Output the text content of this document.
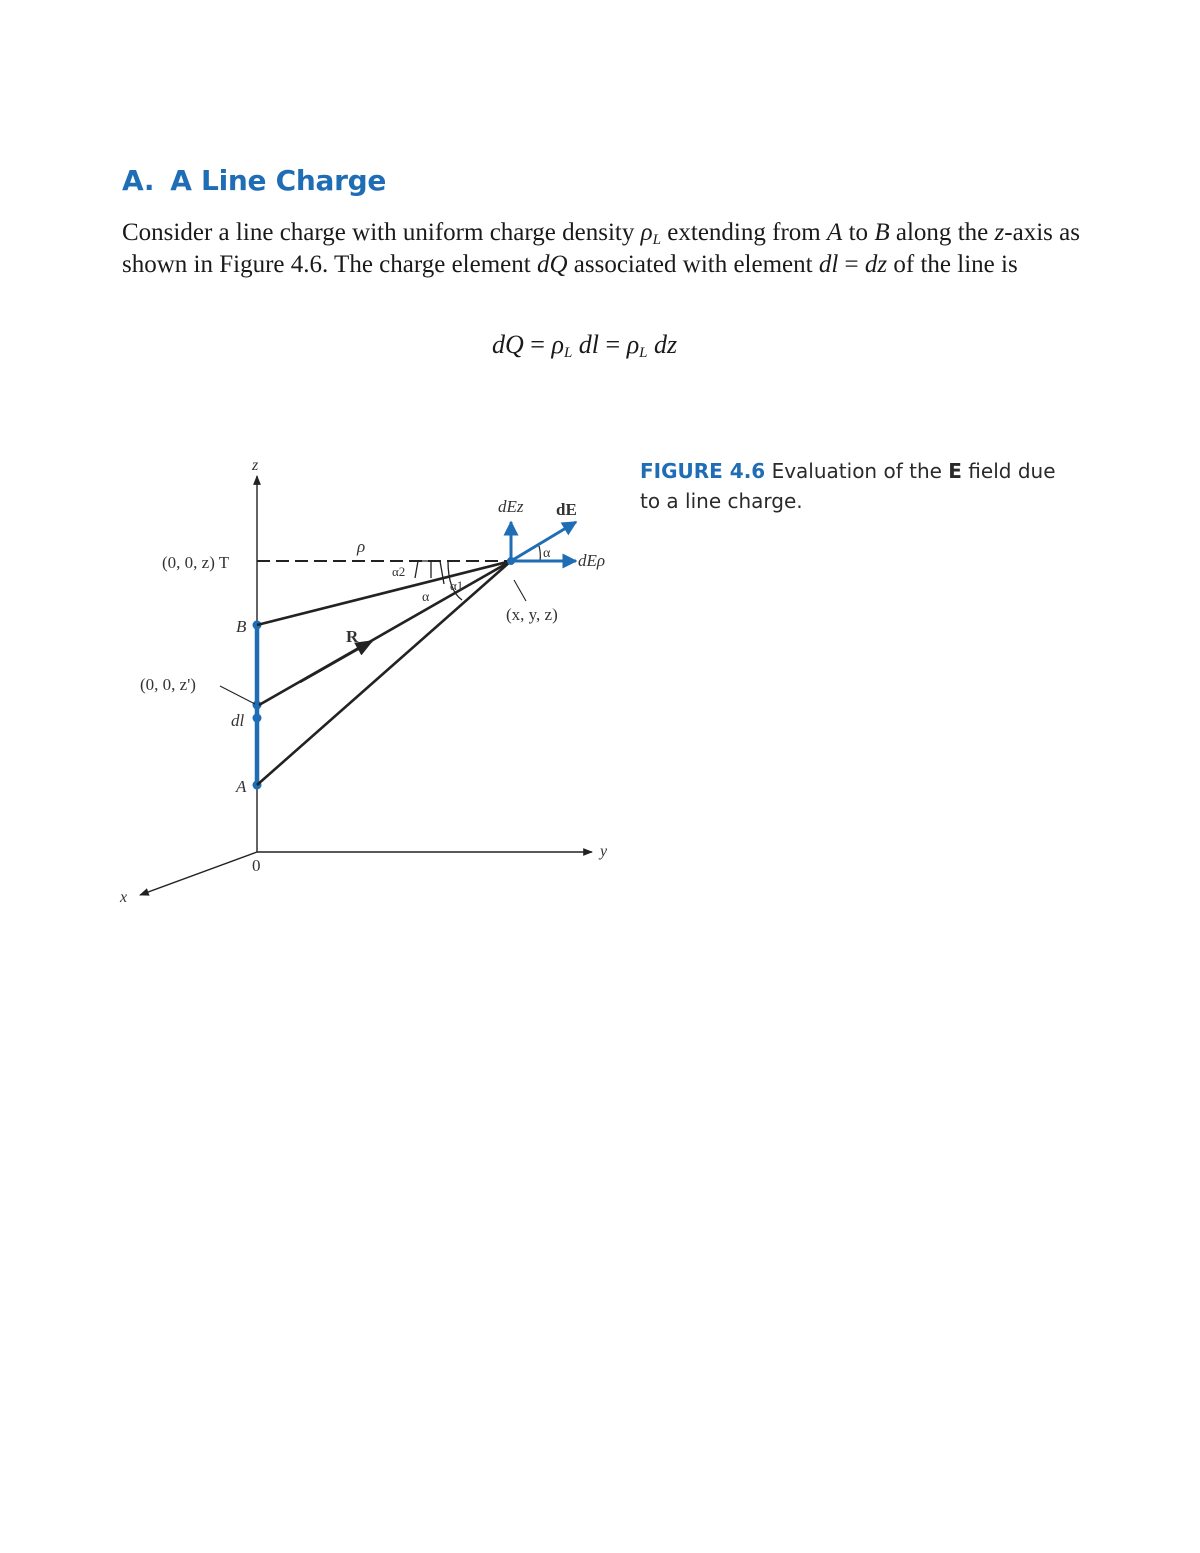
A. A Line Charge

Consider a line charge with uniform charge density $\rho_L$ extending from A to B along the z-axis as shown in Figure 4.6. The charge element dQ associated with element dl = dz of the line is

dQ = $\rho_L$ dl = $\rho_L$ dz

FIGURE 4.6 Evaluation of the E field due to a line charge.

z
y
x
0
(0, 0, z) T
B
(0, 0, z')
dl
A
ρ
R
α2
α
α1
α
dEz dE
dEρ
(x, y, z)
